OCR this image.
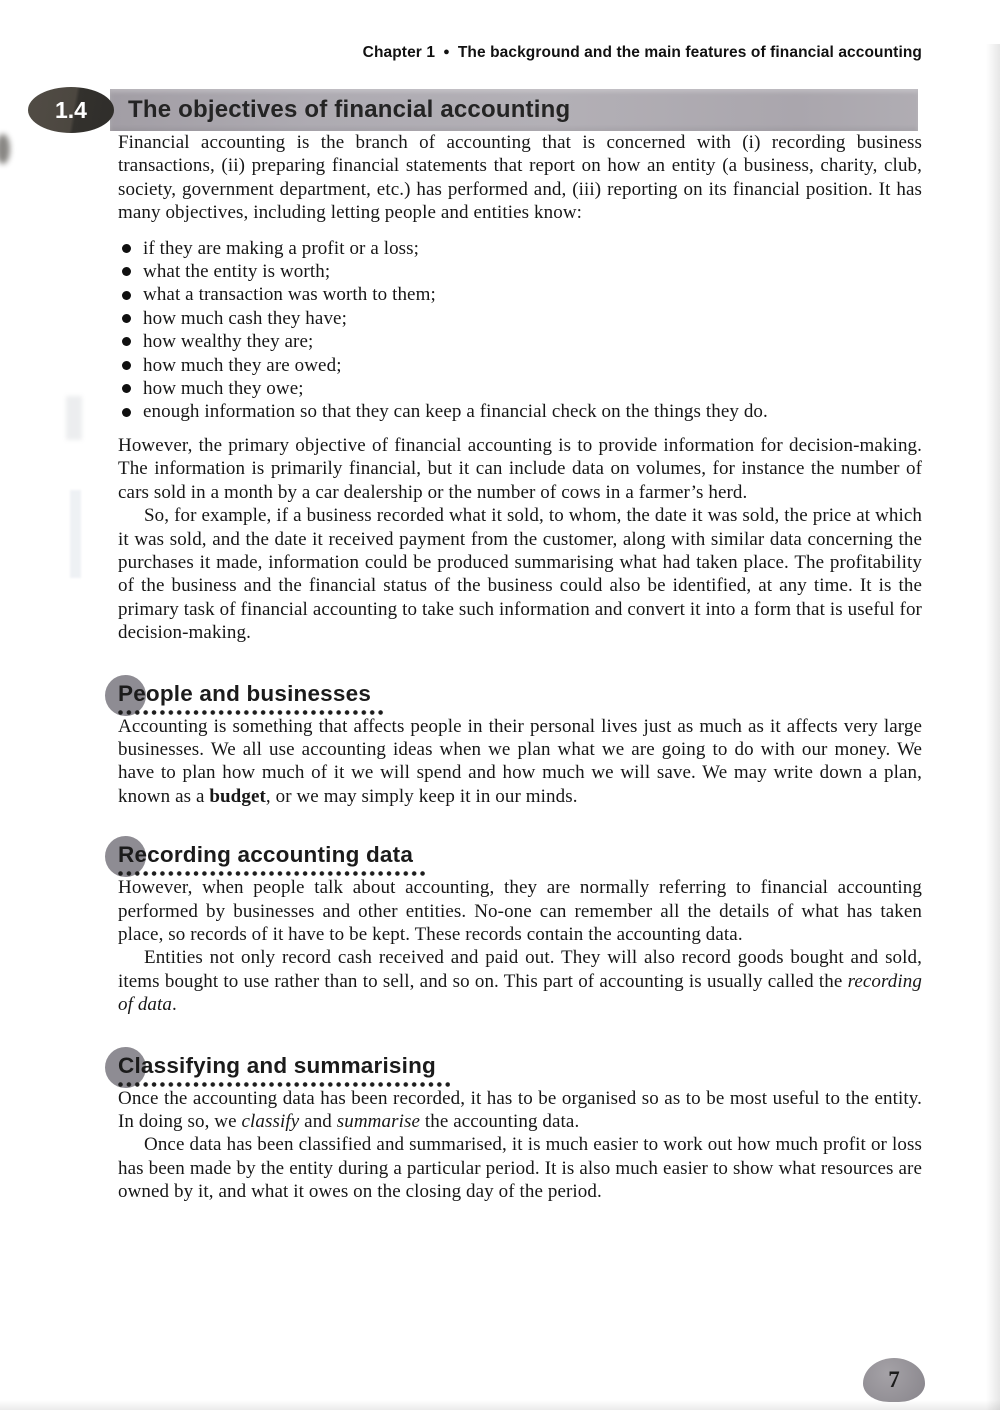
Chapter 1 ● The background and the main features of financial accounting
1.4	The objectives of financial accounting

Financial accounting is the branch of accounting that is concerned with (i) recording business transactions, (ii) preparing financial statements that report on how an entity (a business, charity, club, society, government department, etc.) has performed and, (iii) reporting on its financial position. It has many objectives, including letting people and entities know:

if they are making a profit or a loss;
what the entity is worth;
what a transaction was worth to them;
how much cash they have;
how wealthy they are;
how much they are owed;
how much they owe;
enough information so that they can keep a financial check on the things they do.

However, the primary objective of financial accounting is to provide information for decision-making. The information is primarily financial, but it can include data on volumes, for instance the number of cars sold in a month by a car dealership or the number of cows in a farmer’s herd.

So, for example, if a business recorded what it sold, to whom, the date it was sold, the price at which it was sold, and the date it received payment from the customer, along with similar data concerning the purchases it made, information could be produced summarising what had taken place. The profitability of the business and the financial status of the business could also be identified, at any time. It is the primary task of financial accounting to take such information and convert it into a form that is useful for decision-making.

People and businesses

Accounting is something that affects people in their personal lives just as much as it affects very large businesses. We all use accounting ideas when we plan what we are going to do with our money. We have to plan how much of it we will spend and how much we will save. We may write down a plan, known as a budget, or we may simply keep it in our minds.

Recording accounting data

However, when people talk about accounting, they are normally referring to financial accounting performed by businesses and other entities. No-one can remember all the details of what has taken place, so records of it have to be kept. These records contain the accounting data.

Entities not only record cash received and paid out. They will also record goods bought and sold, items bought to use rather than to sell, and so on. This part of accounting is usually called the recording of data.

Classifying and summarising

Once the accounting data has been recorded, it has to be organised so as to be most useful to the entity. In doing so, we classify and summarise the accounting data.

Once data has been classified and summarised, it is much easier to work out how much profit or loss has been made by the entity during a particular period. It is also much easier to show what resources are owned by it, and what it owes on the closing day of the period.

7
